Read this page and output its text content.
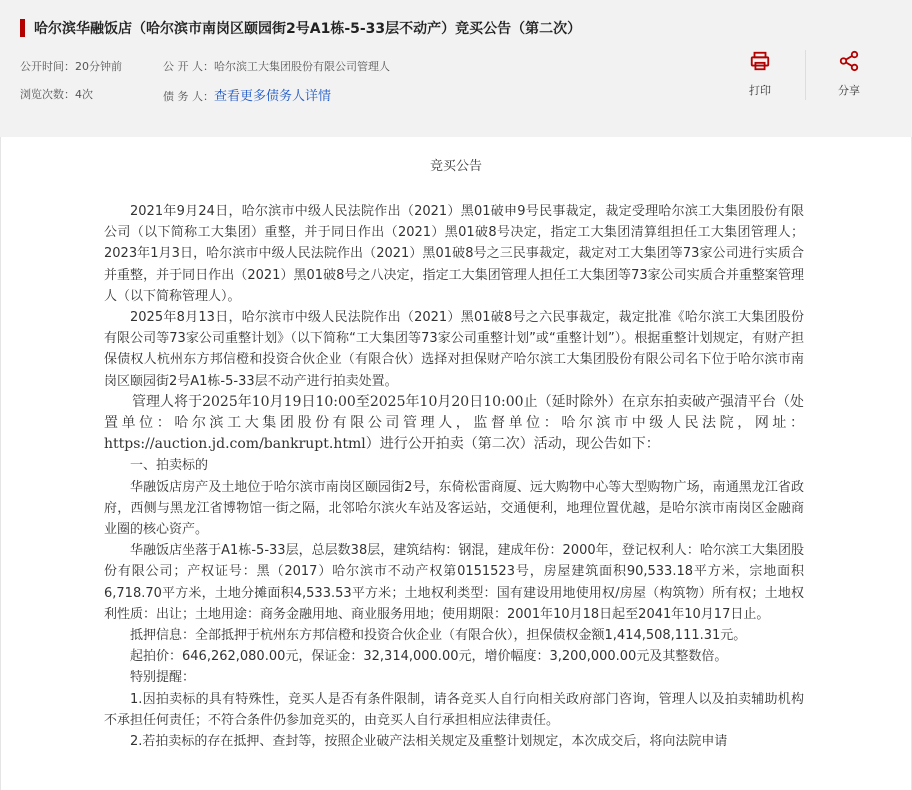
哈尔滨华融饭店（哈尔滨市南岗区颐园街2号A1栋-5-33层不动产）竞买公告（第二次）
公开时间：20分钟前
浏览次数：4次
公 开 人：哈尔滨工大集团股份有限公司管理人
债 务 人：查看更多债务人详情	打印	分享
竞买公告

2021年9月24日，哈尔滨市中级人民法院作出（2021）黑01破申9号民事裁定，裁定受理哈尔滨工大集团股份有限公司（以下简称工大集团）重整，并于同日作出（2021）黑01破8号决定，指定工大集团清算组担任工大集团管理人；2023年1月3日，哈尔滨市中级人民法院作出（2021）黑01破8号之三民事裁定，裁定对工大集团等73家公司进行实质合并重整，并于同日作出（2021）黑01破8号之八决定，指定工大集团管理人担任工大集团等73家公司实质合并重整案管理人（以下简称管理人）。

2025年8月13日，哈尔滨市中级人民法院作出（2021）黑01破8号之六民事裁定，裁定批准《哈尔滨工大集团股份有限公司等73家公司重整计划》（以下简称“工大集团等73家公司重整计划”或“重整计划”）。根据重整计划规定，有财产担保债权人杭州东方邦信橙和投资合伙企业（有限合伙）选择对担保财产哈尔滨工大集团股份有限公司名下位于哈尔滨市南岗区颐园街2号A1栋-5-33层不动产进行拍卖处置。

管理人将于2025年10月19日10:00至2025年10月20日10:00止（延时除外）在京东拍卖破产强清平台（处置单位：哈尔滨工大集团股份有限公司管理人，监督单位：哈尔滨市中级人民法院，网址：https://auction.jd.com/bankrupt.html）进行公开拍卖（第二次）活动，现公告如下：

一、拍卖标的

华融饭店房产及土地位于哈尔滨市南岗区颐园街2号，东倚松雷商厦、远大购物中心等大型购物广场，南通黑龙江省政府，西侧与黑龙江省博物馆一街之隔，北邻哈尔滨火车站及客运站，交通便利，地理位置优越，是哈尔滨市南岗区金融商业圈的核心资产。

华融饭店坐落于A1栋-5-33层，总层数38层，建筑结构：钢混，建成年份：2000年，登记权利人：哈尔滨工大集团股份有限公司；产权证号：黑（2017）哈尔滨市不动产权第0151523号，房屋建筑面积90,533.18平方米，宗地面积6,718.70平方米，土地分摊面积4,533.53平方米；土地权利类型：国有建设用地使用权/房屋（构筑物）所有权；土地权利性质：出让；土地用途：商务金融用地、商业服务用地；使用期限：2001年10月18日起至2041年10月17日止。

抵押信息：全部抵押于杭州东方邦信橙和投资合伙企业（有限合伙），担保债权金额1,414,508,111.31元。

起拍价：646,262,080.00元，保证金：32,314,000.00元，增价幅度：3,200,000.00元及其整数倍。

特别提醒：

1.因拍卖标的具有特殊性，竞买人是否有条件限制，请各竞买人自行向相关政府部门咨询，管理人以及拍卖辅助机构不承担任何责任；不符合条件仍参加竞买的，由竞买人自行承担相应法律责任。

2.若拍卖标的存在抵押、查封等，按照企业破产法相关规定及重整计划规定，本次成交后，将向法院申请
